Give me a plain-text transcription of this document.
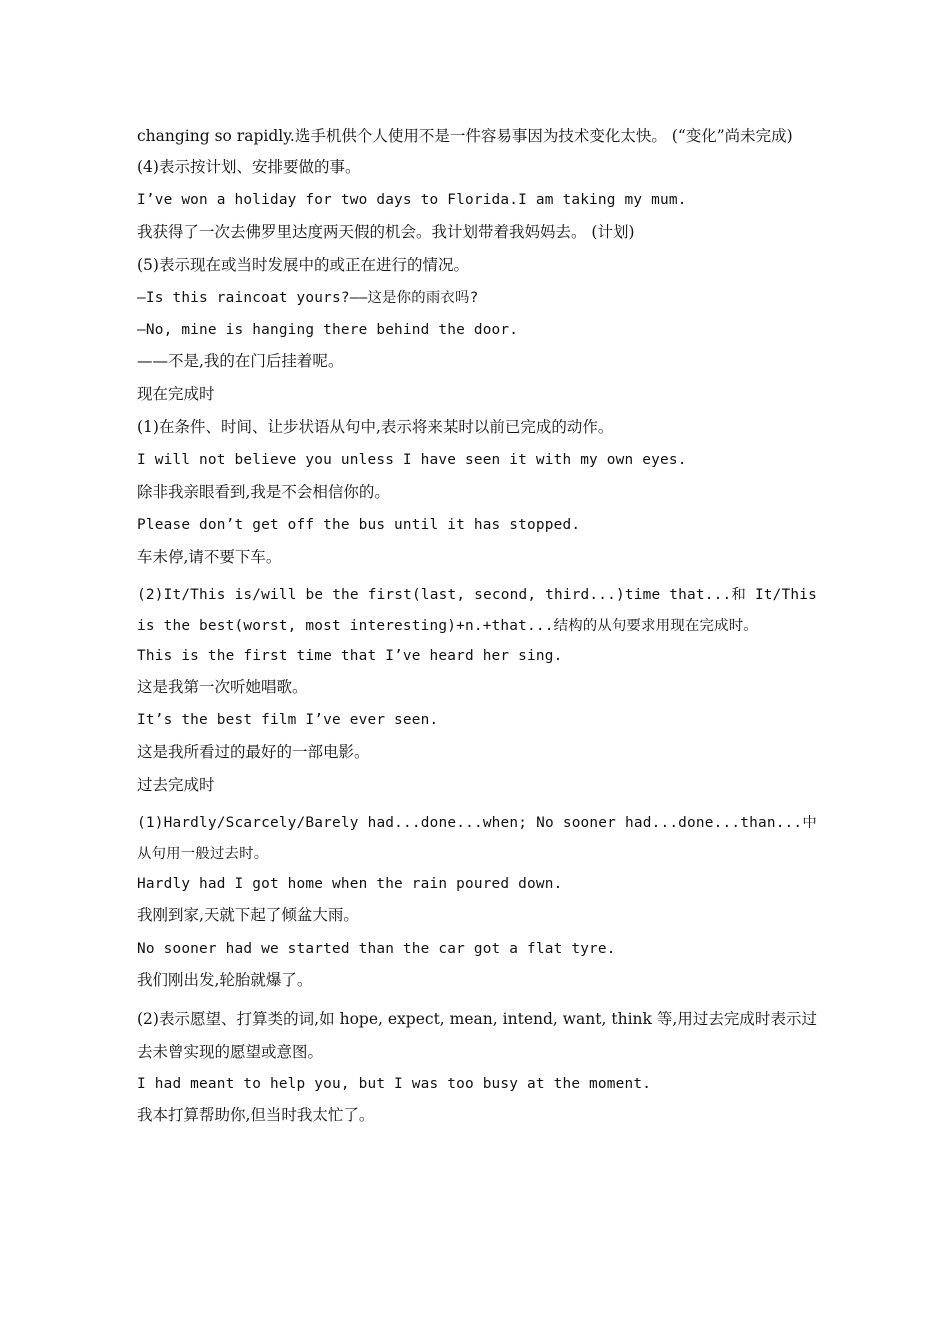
changing so rapidly.选手机供个人使用不是一件容易事因为技术变化太快。 (“变化”尚未完成)

(4)表示按计划、安排要做的事。

I’ve won a holiday for two days to Florida.I am taking my mum.

我获得了一次去佛罗里达度两天假的机会。我计划带着我妈妈去。 (计划)

(5)表示现在或当时发展中的或正在进行的情况。

—Is this raincoat yours?——这是你的雨衣吗?

—No, mine is hanging there behind the door.

——不是,我的在门后挂着呢。

现在完成时

(1)在条件、时间、让步状语从句中,表示将来某时以前已完成的动作。

I will not believe you unless I have seen it with my own eyes.

除非我亲眼看到,我是不会相信你的。

Please don’t get off the bus until it has stopped.

车未停,请不要下车。

(2)It/This is/will be the first(last, second, third...)time that...和 It/This is the best(worst, most interesting)+n.+that...结构的从句要求用现在完成时。

This is the first time that I’ve heard her sing.

这是我第一次听她唱歌。

It’s the best film I’ve ever seen.

这是我所看过的最好的一部电影。

过去完成时

(1)Hardly/Scarcely/Barely had...done...when; No sooner had...done...than...中从句用一般过去时。

Hardly had I got home when the rain poured down.

我刚到家,天就下起了倾盆大雨。

No sooner had we started than the car got a flat tyre.

我们刚出发,轮胎就爆了。

(2)表示愿望、打算类的词,如 hope, expect, mean, intend, want, think 等,用过去完成时表示过去未曾实现的愿望或意图。

I had meant to help you, but I was too busy at the moment.

我本打算帮助你,但当时我太忙了。
